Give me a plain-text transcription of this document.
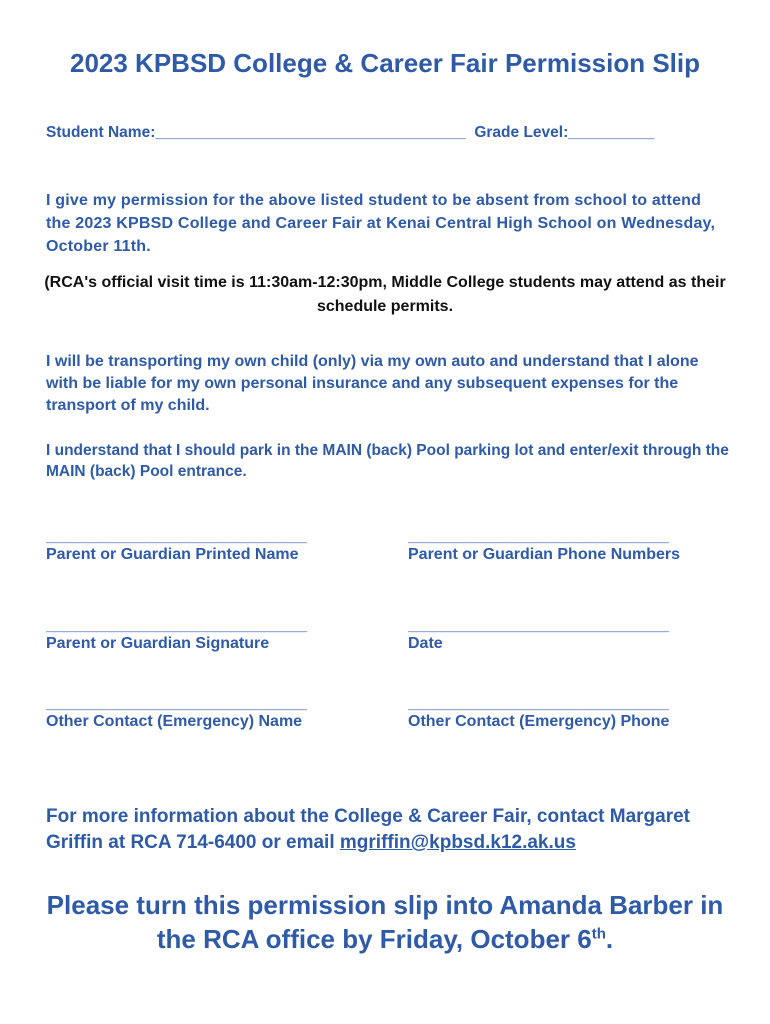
2023 KPBSD College & Career Fair Permission Slip
Student Name:____________________________________ Grade Level:__________

I give my permission for the above listed student to be absent from school to attend the 2023 KPBSD College and Career Fair at Kenai Central High School on Wednesday, October 11th.

(RCA's official visit time is 11:30am-12:30pm, Middle College students may attend as their schedule permits.

I will be transporting my own child (only) via my own auto and understand that I alone with be liable for my own personal insurance and any subsequent expenses for the transport of my child.

I understand that I should park in the MAIN (back) Pool parking lot and enter/exit through the MAIN (back) Pool entrance.

_______________________________
Parent or Guardian Printed Name
_______________________________
Parent or Guardian Phone Numbers
_______________________________
Parent or Guardian Signature
_______________________________
Date
_______________________________
Other Contact (Emergency) Name
_______________________________
Other Contact (Emergency) Phone
For more information about the College & Career Fair, contact Margaret Griffin at RCA 714-6400 or email mgriffin@kpbsd.k12.ak.us
Please turn this permission slip into Amanda Barber in the RCA office by Friday, October 6th.
